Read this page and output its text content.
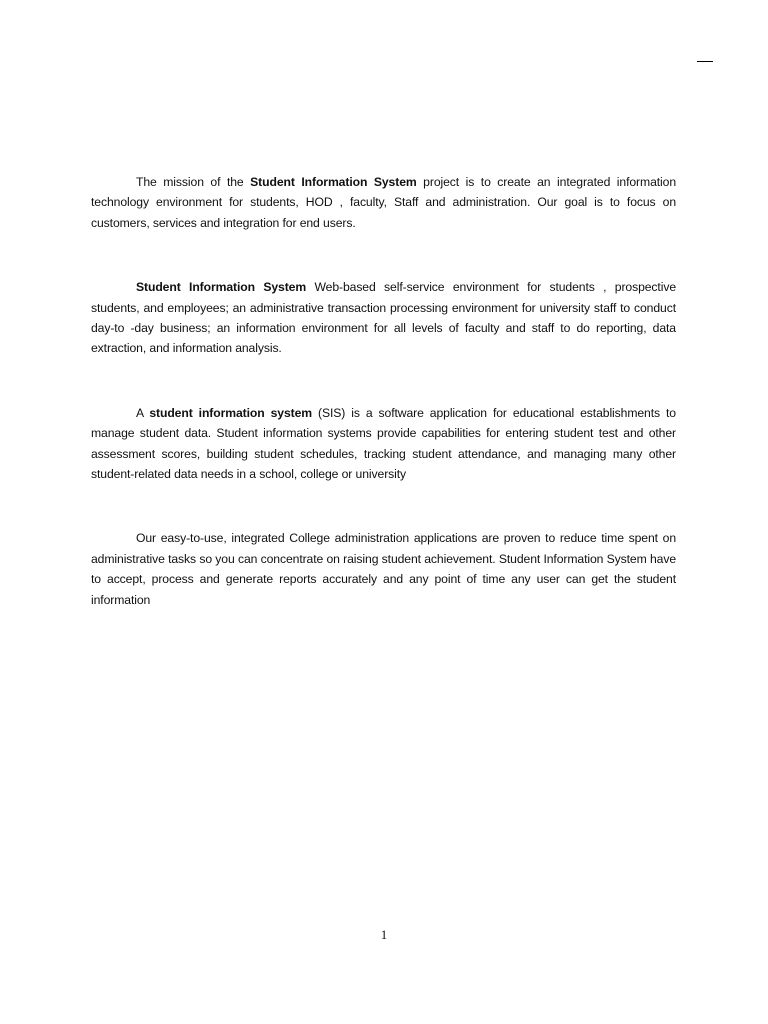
The mission of the Student Information System project is to create an integrated information technology environment for students, HOD , faculty, Staff and administration. Our goal is to focus on customers, services and integration for end users.

Student Information System Web-based self-service environment for students , prospective students, and employees; an administrative transaction processing environment for university staff to conduct day-to -day business; an information environment for all levels of faculty and staff to do reporting, data extraction, and information analysis.

A student information system (SIS) is a software application for educational establishments to manage student data. Student information systems provide capabilities for entering student test and other assessment scores, building student schedules, tracking student attendance, and managing many other student-related data needs in a school, college or university

Our easy-to-use, integrated College administration applications are proven to reduce time spent on administrative tasks so you can concentrate on raising student achievement. Student Information System have to accept, process and generate reports accurately and any point of time any user can get the student information

1
